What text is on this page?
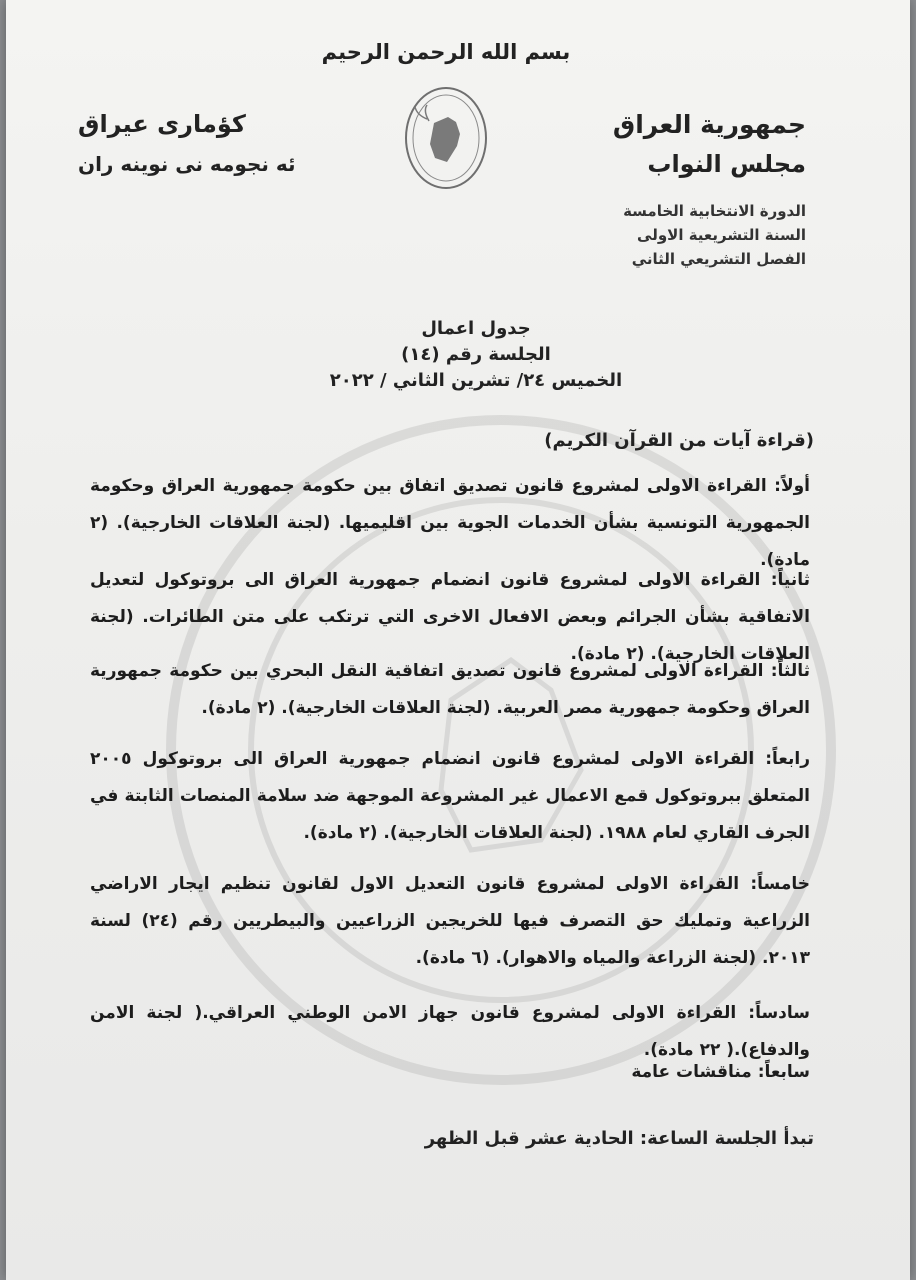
بسم الله الرحمن الرحيم
جمهورية العراق
مجلس النواب
كؤمارى عيراق
ئه نجومه نى نوينه ران
الدورة الانتخابية الخامسة
السنة التشريعية الاولى
الفصل التشريعي الثاني
جدول اعمال
الجلسة رقم (١٤)
الخميس ٢٤/ تشرين الثاني / ٢٠٢٢
(قراءة آيات من القرآن الكريم)
أولاً: القراءة الاولى لمشروع قانون تصديق اتفاق بين حكومة جمهورية العراق وحكومة الجمهورية التونسية بشأن الخدمات الجوية بين اقليميها. (لجنة العلاقات الخارجية). (٢ مادة).
ثانياً: القراءة الاولى لمشروع قانون انضمام جمهورية العراق الى بروتوكول لتعديل الاتفاقية بشأن الجرائم وبعض الافعال الاخرى التي ترتكب على متن الطائرات. (لجنة العلاقات الخارجية). (٢ مادة).
ثالثاً: القراءة الاولى لمشروع قانون تصديق اتفاقية النقل البحري بين حكومة جمهورية العراق وحكومة جمهورية مصر العربية. (لجنة العلاقات الخارجية). (٢ مادة).
رابعاً: القراءة الاولى لمشروع قانون انضمام جمهورية العراق الى بروتوكول ٢٠٠٥ المتعلق ببروتوكول قمع الاعمال غير المشروعة الموجهة ضد سلامة المنصات الثابتة في الجرف القاري لعام ١٩٨٨. (لجنة العلاقات الخارجية). (٢ مادة).
خامساً: القراءة الاولى لمشروع قانون التعديل الاول لقانون تنظيم ايجار الاراضي الزراعية وتمليك حق التصرف فيها للخريجين الزراعيين والبيطريين رقم (٢٤) لسنة ٢٠١٣. (لجنة الزراعة والمياه والاهوار). (٦ مادة).
سادساً: القراءة الاولى لمشروع قانون جهاز الامن الوطني العراقي.( لجنة الامن والدفاع).( ٢٢ مادة).
سابعاً: مناقشات عامة
تبدأ الجلسة الساعة: الحادية عشر قبل الظهر
